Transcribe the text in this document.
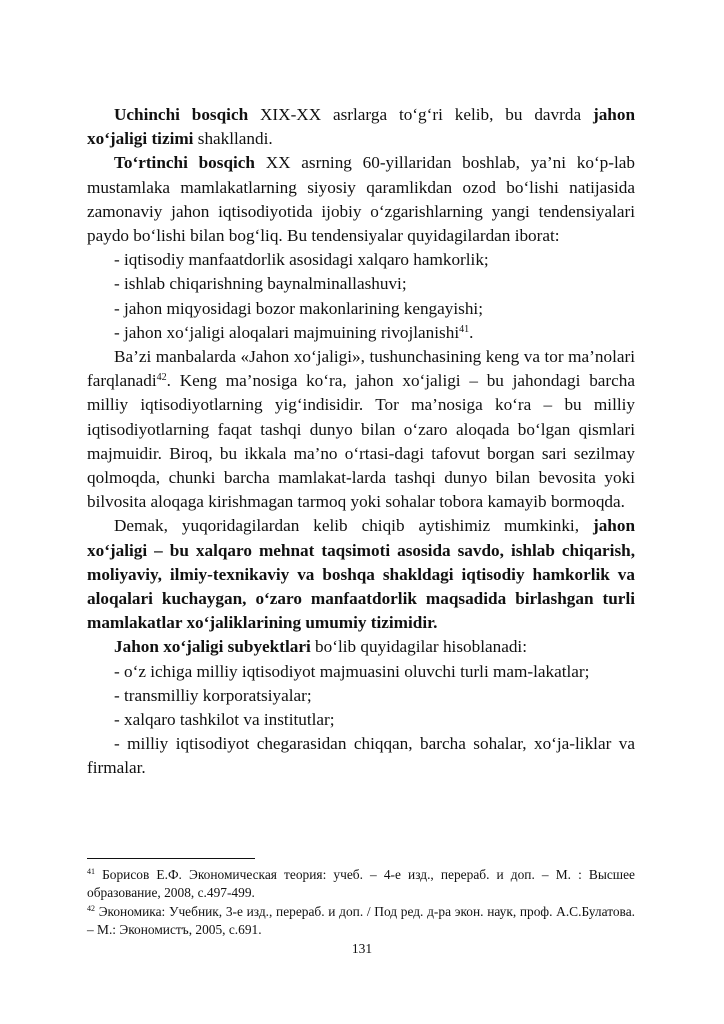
Uchinchi bosqich XIX-XX asrlarga to‘g‘ri kelib, bu davrda jahon xo‘jaligi tizimi shakllandi.

To‘rtinchi bosqich XX asrning 60-yillaridan boshlab, ya’ni ko‘p-lab mustamlaka mamlakatlarning siyosiy qaramlikdan ozod bo‘lishi natijasida zamonaviy jahon iqtisodiyotida ijobiy o‘zgarishlarning yangi tendensiyalari paydo bo‘lishi bilan bog‘liq. Bu tendensiyalar quyidagilardan iborat:

- iqtisodiy manfaatdorlik asosidagi xalqaro hamkorlik;

- ishlab chiqarishning baynalminallashuvi;

- jahon miqyosidagi bozor makonlarining kengayishi;

- jahon xo‘jaligi aloqalari majmuining rivojlanishi$^{41}$.

Ba’zi manbalarda «Jahon xo‘jaligi», tushunchasining keng va tor ma’nolari farqlanadi$^{42}$. Keng ma’nosiga ko‘ra, jahon xo‘jaligi – bu jahondagi barcha milliy iqtisodiyotlarning yig‘indisidir. Tor ma’nosiga ko‘ra – bu milliy iqtisodiyotlarning faqat tashqi dunyo bilan o‘zaro aloqada bo‘lgan qismlari majmuidir. Biroq, bu ikkala ma’no o‘rtasi-dagi tafovut borgan sari sezilmay qolmoqda, chunki barcha mamlakat-larda tashqi dunyo bilan bevosita yoki bilvosita aloqaga kirishmagan tarmoq yoki sohalar tobora kamayib bormoqda.

Demak, yuqoridagilardan kelib chiqib aytishimiz mumkinki, jahon xo‘jaligi – bu xalqaro mehnat taqsimoti asosida savdo, ishlab chiqarish, moliyaviy, ilmiy-texnikaviy va boshqa shakldagi iqtisodiy hamkorlik va aloqalari kuchaygan, o‘zaro manfaatdorlik maqsadida birlashgan turli mamlakatlar xo‘jaliklarining umumiy tizimidir.

Jahon xo‘jaligi subyektlari bo‘lib quyidagilar hisoblanadi:

- o‘z ichiga milliy iqtisodiyot majmuasini oluvchi turli mam-lakatlar;

- transmilliy korporatsiyalar;

- xalqaro tashkilot va institutlar;

- milliy iqtisodiyot chegarasidan chiqqan, barcha sohalar, xo‘ja-liklar va firmalar.

$^{41}$ Борисов Е.Ф. Экономическая теория: учеб. – 4-е изд., перераб. и доп. – М. : Высшее образование, 2008, с.497-499.

$^{42}$ Экономика: Учебник, 3-е изд., перераб. и доп. / Под ред. д-ра экон. наук, проф. А.С.Булатова. – М.: Экономистъ, 2005, с.691.

131
